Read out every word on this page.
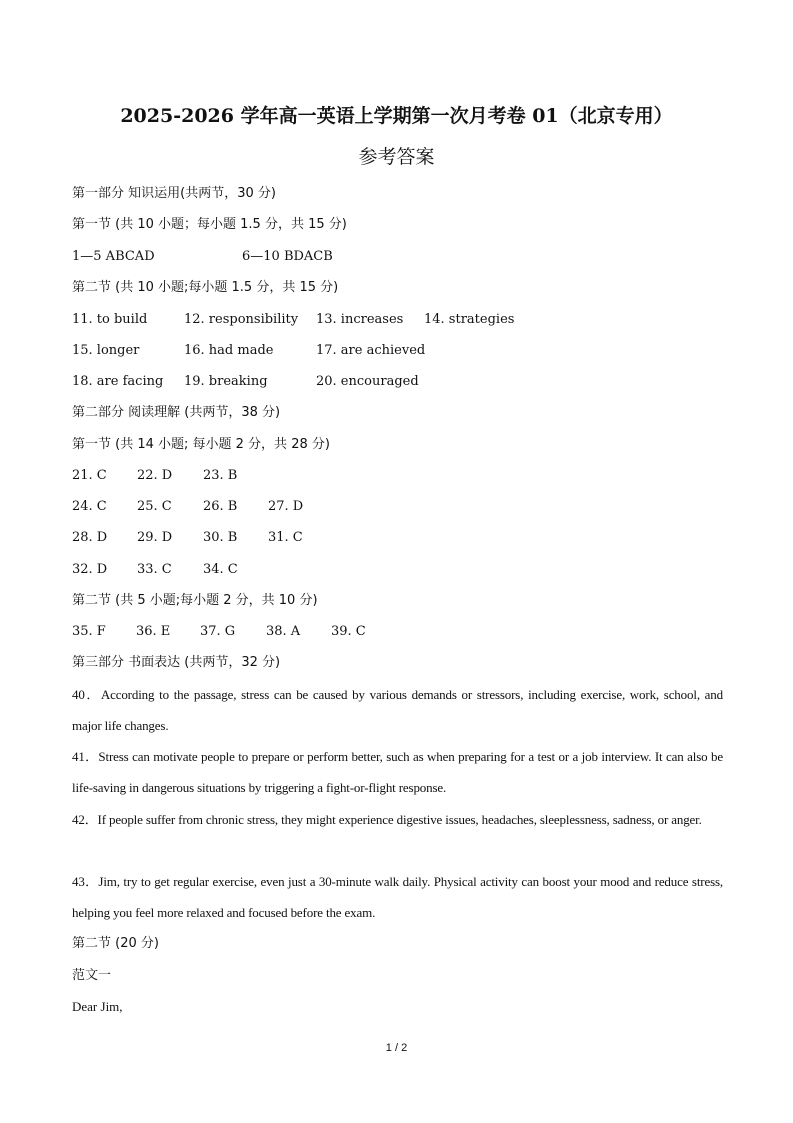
2025-2026 学年高一英语上学期第一次月考卷 01（北京专用）
参考答案
第一部分 知识运用(共两节，30 分)
第一节 (共 10 小题；每小题 1.5 分，共 15 分)
1—5 ABCAD	6—10 BDACB
第二节 (共 10 小题;每小题 1.5 分，共 15 分)
11. to build	12. responsibility 13. increases 14. strategies
15. longer	16. had made	17. are achieved
18. are facing 19. breaking	20. encouraged
第二部分 阅读理解 (共两节，38 分)
第一节 (共 14 小题; 每小题 2 分，共 28 分)
21. C 22. D 23. B
24. C 25. C 26. B 27. D
28. D 29. D 30. B 31. C
32. D 33. C 34. C
第二节 (共 5 小题;每小题 2 分，共 10 分)
35. F 36. E 37. G 38. A 39. C
第三部分 书面表达 (共两节，32 分)
40．According to the passage, stress can be caused by various demands or stressors, including exercise, work, school, and major life changes.
41．Stress can motivate people to prepare or perform better, such as when preparing for a test or a job interview. It can also be life-saving in dangerous situations by triggering a fight-or-flight response.
42．If people suffer from chronic stress, they might experience digestive issues, headaches, sleeplessness, sadness, or anger.
43．Jim, try to get regular exercise, even just a 30-minute walk daily. Physical activity can boost your mood and reduce stress, helping you feel more relaxed and focused before the exam.
第二节 (20 分)
范文一
Dear Jim,
1 / 2
